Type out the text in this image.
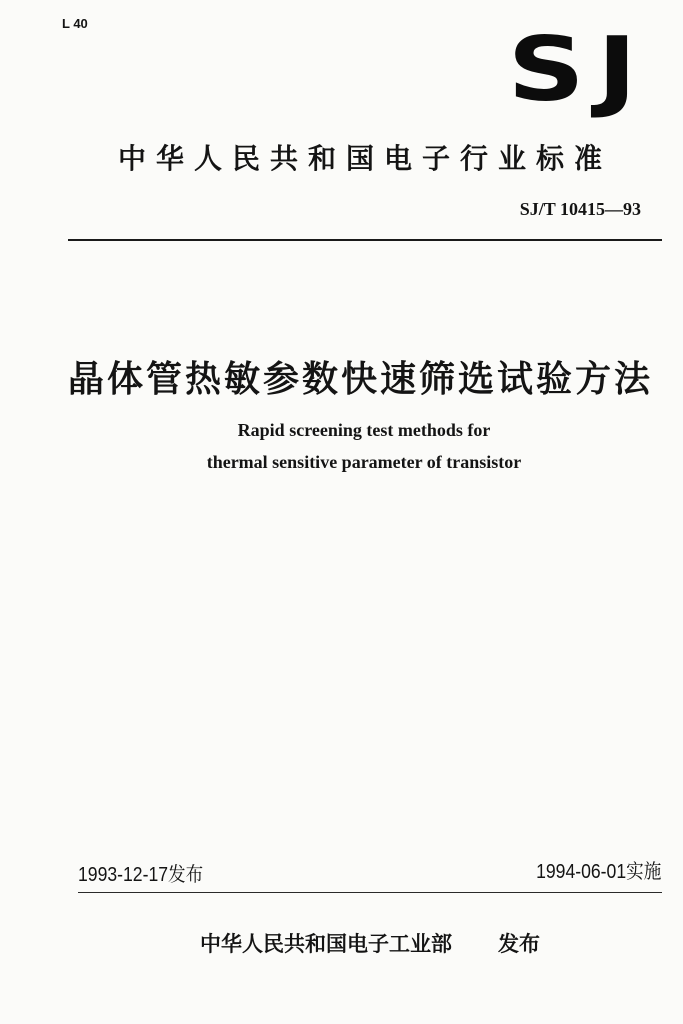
L 40	SJ
中华人民共和国电子行业标准
SJ/T 10415—93
晶体管热敏参数快速筛选试验方法
Rapid screening test methods for
thermal sensitive parameter of transistor
1993-12-17发布	1994-06-01实施
中华人民共和国电子工业部 发布
